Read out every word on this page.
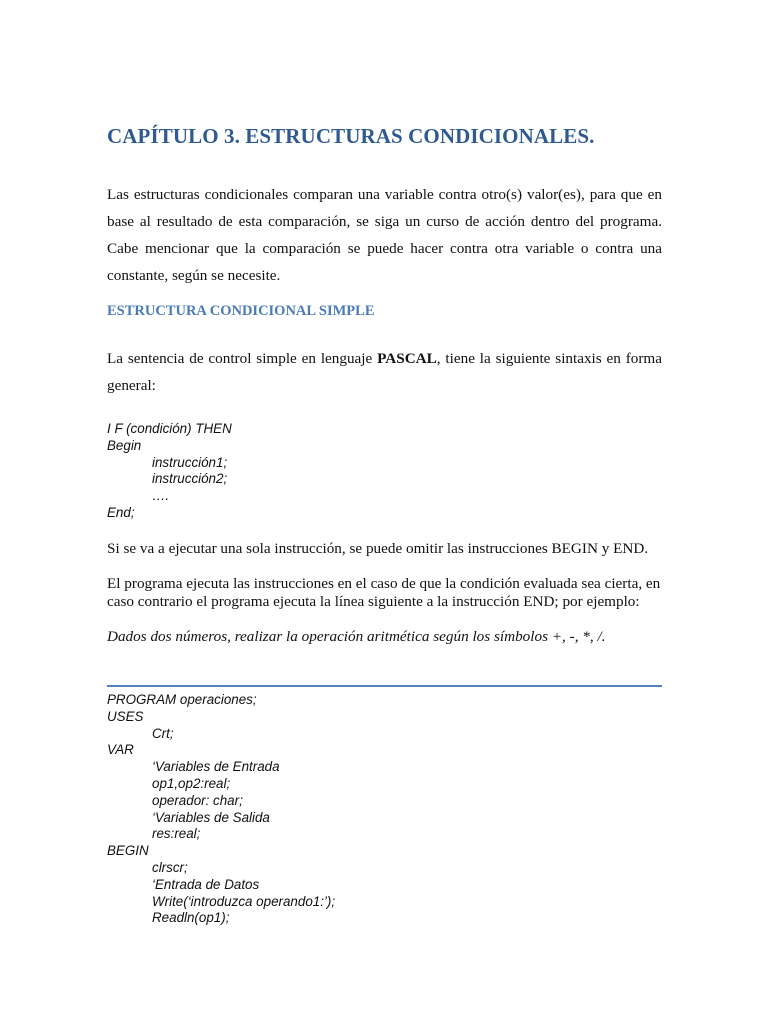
CAPÍTULO 3. ESTRUCTURAS CONDICIONALES.

Las estructuras condicionales comparan una variable contra otro(s) valor(es), para que en base al resultado de esta comparación, se siga un curso de acción dentro del programa. Cabe mencionar que la comparación se puede hacer contra otra variable o contra una constante, según se necesite.

ESTRUCTURA CONDICIONAL SIMPLE

La sentencia de control simple en lenguaje PASCAL, tiene la siguiente sintaxis en forma general:

I F (condición) THEN
Begin
instrucción1;
instrucción2;
….
End;

Si se va a ejecutar una sola instrucción, se puede omitir las instrucciones BEGIN y END.

El programa ejecuta las instrucciones en el caso de que la condición evaluada sea cierta, en caso contrario el programa ejecuta la línea siguiente a la instrucción END; por ejemplo:

Dados dos números, realizar la operación aritmética según los símbolos +, -, *, /.

PROGRAM operaciones;
USES
Crt;
VAR
‘Variables de Entrada
op1,op2:real;
operador: char;
‘Variables de Salida
res:real;
BEGIN
clrscr;
‘Entrada de Datos
Write(‘introduzca operando1:’);
Readln(op1);
